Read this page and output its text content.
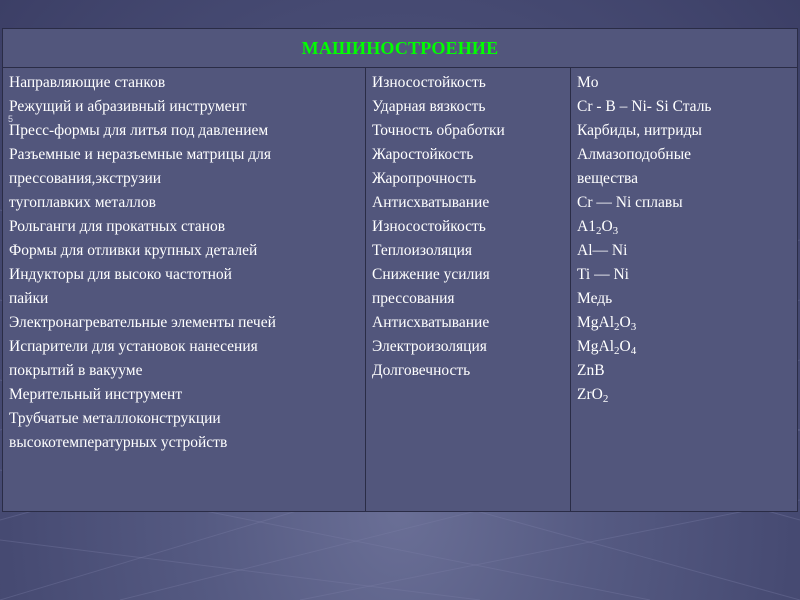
МАШИНОСТРОЕНИЕ
Направляющие станков
Режущий и абразивный инструмент
Пресс-формы для литья под давлением
Разъемные и неразъемные матрицы для
прессования,экструзии
тугоплавких металлов
Рольганги для прокатных станов
Формы для отливки крупных деталей
Индукторы для высоко частотной
пайки
Электронагревательные элементы печей
Испарители для установок нанесения
покрытий в вакууме
Мерительный инструмент
Трубчатые металлоконструкции
высокотемпературных устройств
Износостойкость
Ударная вязкость
Точность обработки
Жаростойкость
Жаропрочность
Антисхватывание
Износостойкость
Теплоизоляция
Снижение усилия
прессования
Антисхватывание
Электроизоляция
Долговечность
Mo
Cr - B – Ni- Si Сталь
Карбиды, нитриды
Алмазоподобные
вещества
Cr — Ni сплавы
$A1_2O_3$
Al— Ni
Ti — Ni
Медь
$MgAl_2O_3$
$MgAl_2O_4$
ZnB
ZrO$_2$
5
